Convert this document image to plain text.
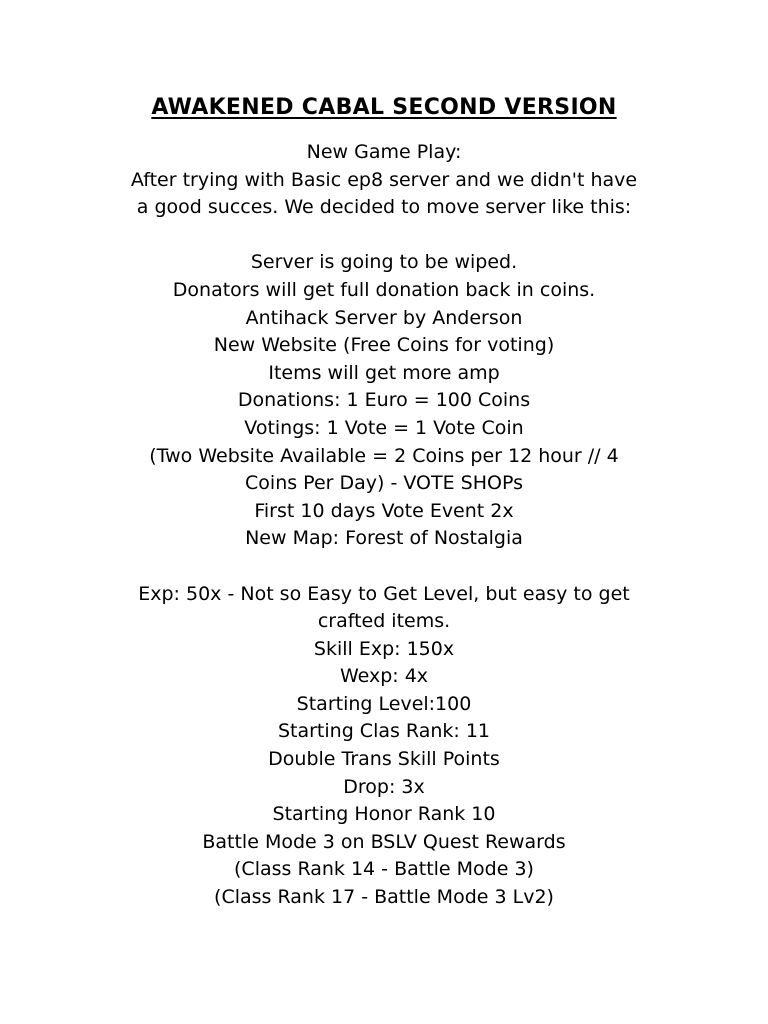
AWAKENED CABAL SECOND VERSION
New Game Play:
After trying with Basic ep8 server and we didn't have
a good succes. We decided to move server like this:
Server is going to be wiped.
Donators will get full donation back in coins.
Antihack Server by Anderson
New Website (Free Coins for voting)
Items will get more amp
Donations: 1 Euro = 100 Coins
Votings: 1 Vote = 1 Vote Coin
(Two Website Available = 2 Coins per 12 hour // 4
Coins Per Day) - VOTE SHOPs
First 10 days Vote Event 2x
New Map: Forest of Nostalgia
Exp: 50x - Not so Easy to Get Level, but easy to get
crafted items.
Skill Exp: 150x
Wexp: 4x
Starting Level:100
Starting Clas Rank: 11
Double Trans Skill Points
Drop: 3x
Starting Honor Rank 10
Battle Mode 3 on BSLV Quest Rewards
(Class Rank 14 - Battle Mode 3)
(Class Rank 17 - Battle Mode 3 Lv2)
